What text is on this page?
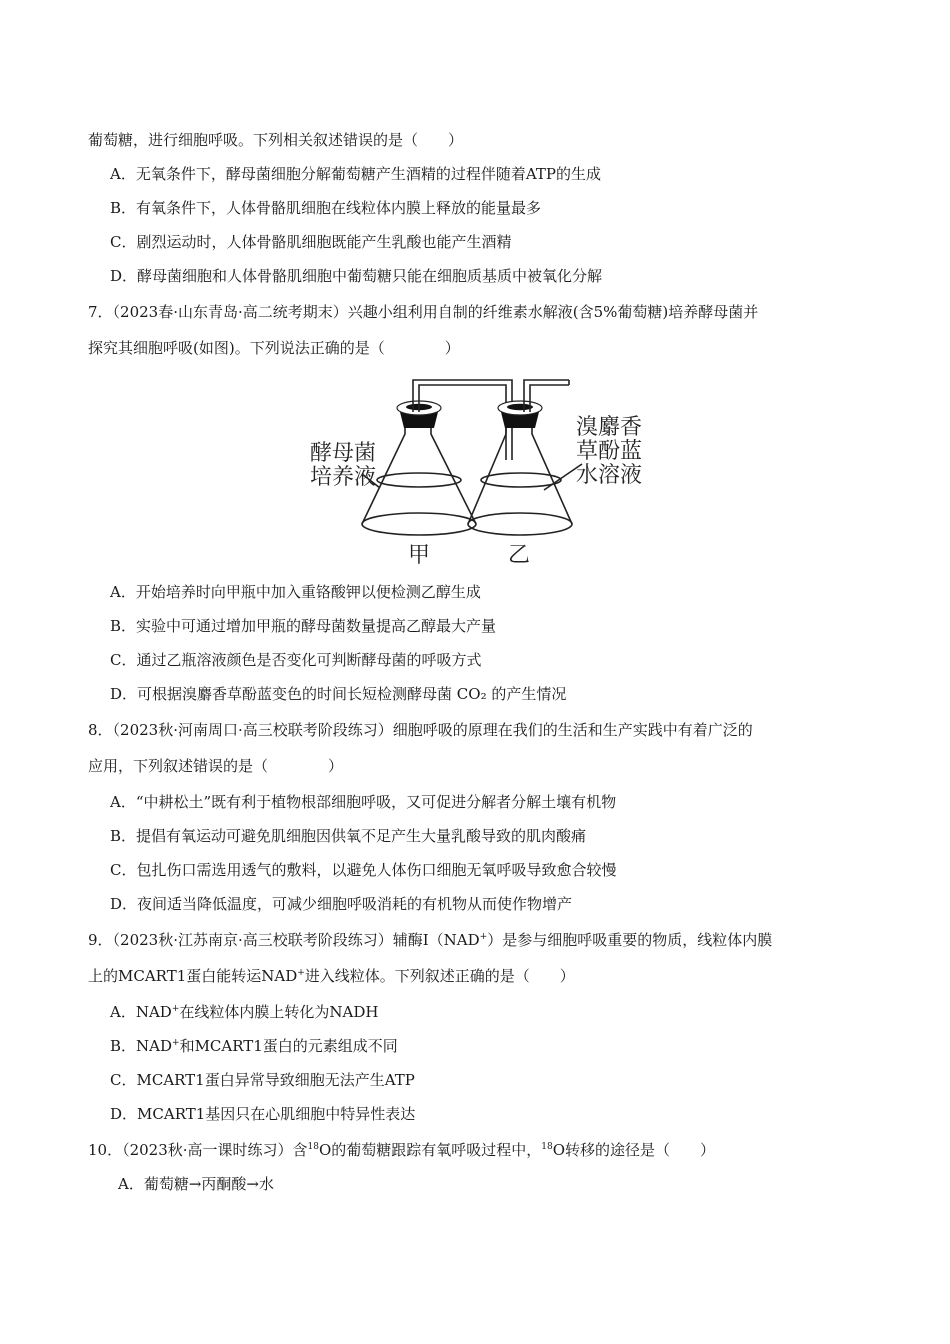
葡萄糖，进行细胞呼吸。下列相关叙述错误的是（　　）
A．无氧条件下，酵母菌细胞分解葡萄糖产生酒精的过程伴随着ATP的生成
B．有氧条件下，人体骨骼肌细胞在线粒体内膜上释放的能量最多
C．剧烈运动时，人体骨骼肌细胞既能产生乳酸也能产生酒精
D．酵母菌细胞和人体骨骼肌细胞中葡萄糖只能在细胞质基质中被氧化分解
7．（2023春·山东青岛·高二统考期末）兴趣小组利用自制的纤维素水解液(含5%葡萄糖)培养酵母菌并
探究其细胞呼吸(如图)。下列说法正确的是（　　　　）
酵母菌
培养液
溴麝香
草酚蓝
水溶液
甲	乙
A．开始培养时向甲瓶中加入重铬酸钾以便检测乙醇生成
B．实验中可通过增加甲瓶的酵母菌数量提高乙醇最大产量
C．通过乙瓶溶液颜色是否变化可判断酵母菌的呼吸方式
D．可根据溴麝香草酚蓝变色的时间长短检测酵母菌 CO₂ 的产生情况
8．（2023秋·河南周口·高三校联考阶段练习）细胞呼吸的原理在我们的生活和生产实践中有着广泛的
应用，下列叙述错误的是（　　　　）
A．“中耕松土”既有利于植物根部细胞呼吸，又可促进分解者分解土壤有机物
B．提倡有氧运动可避免肌细胞因供氧不足产生大量乳酸导致的肌肉酸痛
C．包扎伤口需选用透气的敷料，以避免人体伤口细胞无氧呼吸导致愈合较慢
D．夜间适当降低温度，可减少细胞呼吸消耗的有机物从而使作物增产
9．（2023秋·江苏南京·高三校联考阶段练习）辅酶Ⅰ（NAD+）是参与细胞呼吸重要的物质，线粒体内膜
上的MCART1蛋白能转运NAD+进入线粒体。下列叙述正确的是（　　）
A．NAD+在线粒体内膜上转化为NADH
B．NAD+和MCART1蛋白的元素组成不同
C．MCART1蛋白异常导致细胞无法产生ATP
D．MCART1基因只在心肌细胞中特异性表达
10．（2023秋·高一课时练习）含$^{18}$O的葡萄糖跟踪有氧呼吸过程中，$^{18}$O转移的途径是（　　）
A．葡萄糖→丙酮酸→水
